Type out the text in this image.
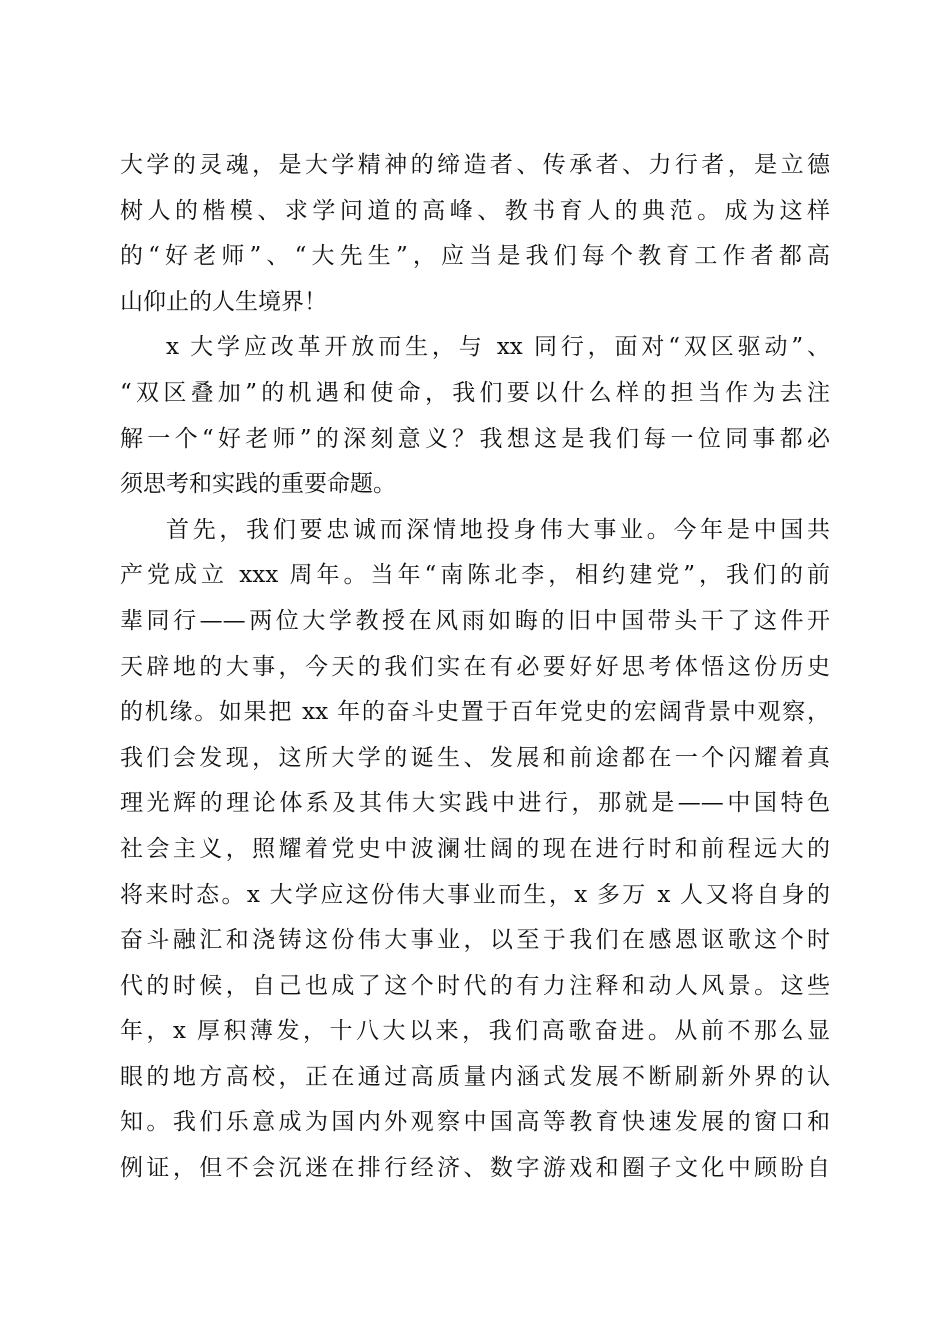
大学的灵魂，是大学精神的缔造者、传承者、力行者，是立德
树人的楷模、求学问道的高峰、教书育人的典范。成为这样
的“好老师”、“大先生”，应当是我们每个教育工作者都高
山仰止的人生境界！
x 大学应改革开放而生，与 xx 同行，面对“双区驱动”、
“双区叠加”的机遇和使命，我们要以什么样的担当作为去注
解一个“好老师”的深刻意义？我想这是我们每一位同事都必
须思考和实践的重要命题。
首先，我们要忠诚而深情地投身伟大事业。今年是中国共
产党成立 xxx 周年。当年“南陈北李，相约建党”，我们的前
辈同行——两位大学教授在风雨如晦的旧中国带头干了这件开
天辟地的大事，今天的我们实在有必要好好思考体悟这份历史
的机缘。如果把 xx 年的奋斗史置于百年党史的宏阔背景中观察，
我们会发现，这所大学的诞生、发展和前途都在一个闪耀着真
理光辉的理论体系及其伟大实践中进行，那就是——中国特色
社会主义，照耀着党史中波澜壮阔的现在进行时和前程远大的
将来时态。x 大学应这份伟大事业而生，x 多万 x 人又将自身的
奋斗融汇和浇铸这份伟大事业，以至于我们在感恩讴歌这个时
代的时候，自己也成了这个时代的有力注释和动人风景。这些
年，x 厚积薄发，十八大以来，我们高歌奋进。从前不那么显
眼的地方高校，正在通过高质量内涵式发展不断刷新外界的认
知。我们乐意成为国内外观察中国高等教育快速发展的窗口和
例证，但不会沉迷在排行经济、数字游戏和圈子文化中顾盼自
